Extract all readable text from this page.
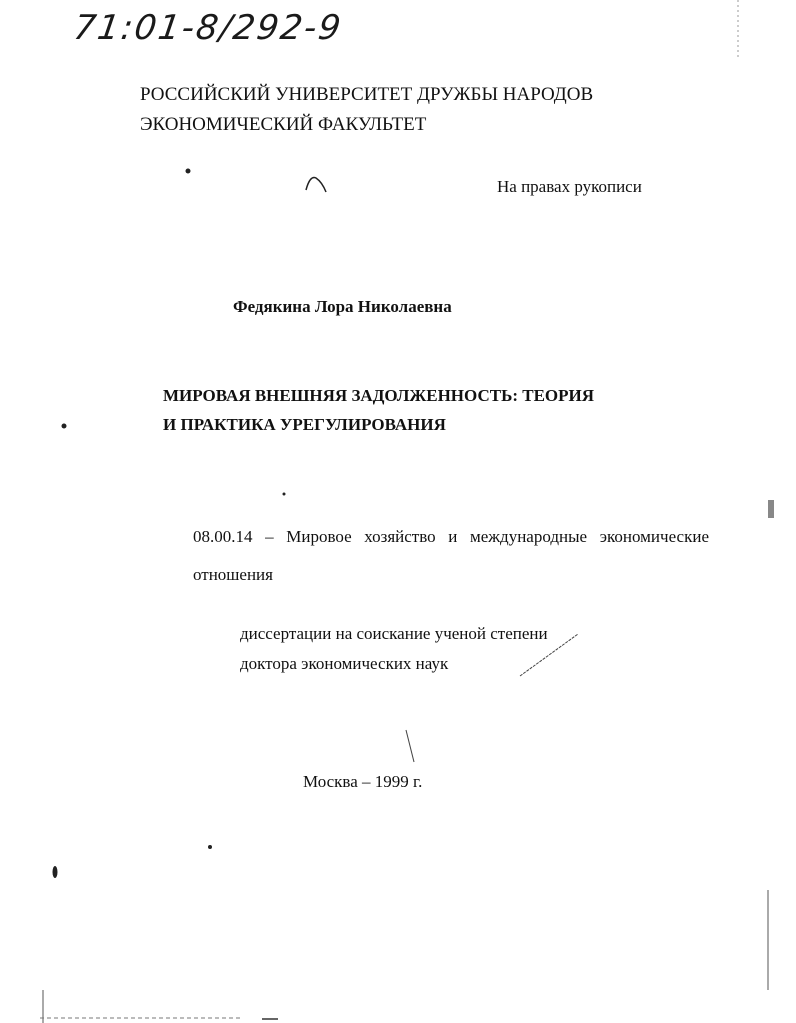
71:01-8/292-9
РОССИЙСКИЙ УНИВЕРСИТЕТ ДРУЖБЫ НАРОДОВ
ЭКОНОМИЧЕСКИЙ ФАКУЛЬТЕТ
На правах рукописи
Федякина Лора Николаевна
МИРОВАЯ ВНЕШНЯЯ ЗАДОЛЖЕННОСТЬ: ТЕОРИЯ
И ПРАКТИКА УРЕГУЛИРОВАНИЯ
08.00.14 – Мировое хозяйство и международные экономические
отношения
диссертации на соискание ученой степени
доктора экономических наук
Москва – 1999 г.
